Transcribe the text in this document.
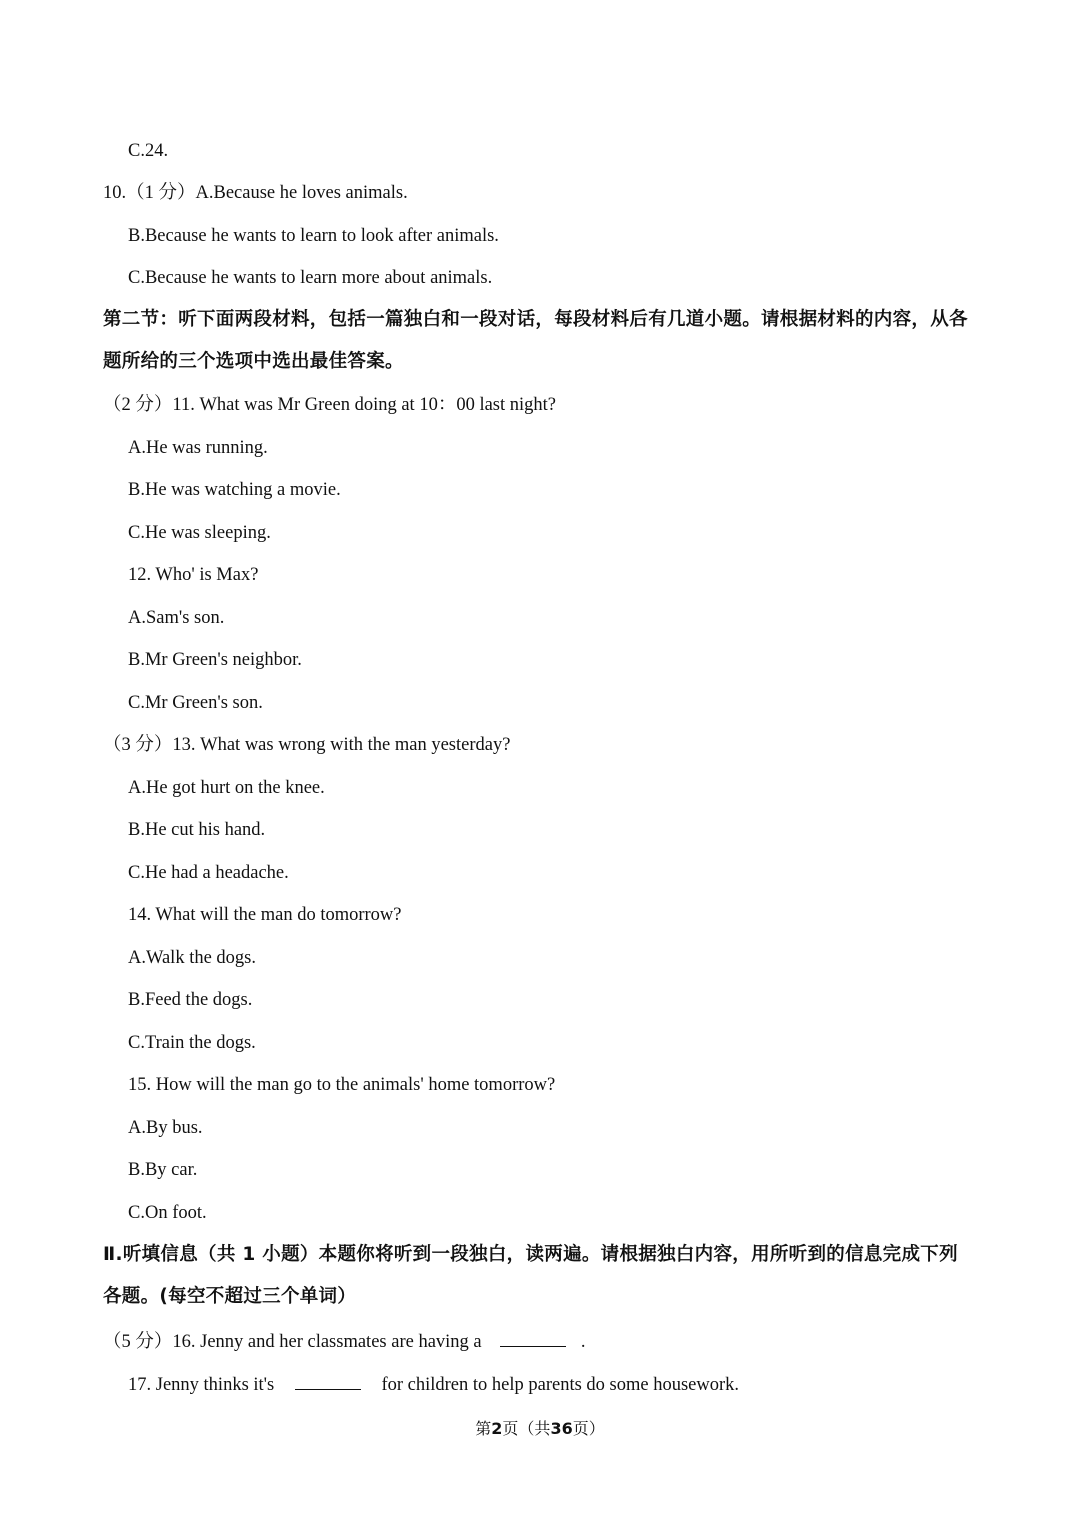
C.24.
10.（1 分）A.Because he loves animals.
B.Because he wants to learn to look after animals.
C.Because he wants to learn more about animals.
第二节：听下面两段材料，包括一篇独白和一段对话，每段材料后有几道小题。请根据材料的内容，从各
题所给的三个选项中选出最佳答案。
（2 分）11. What was Mr Green doing at 10：00 last night?
A.He was running.
B.He was watching a movie.
C.He was sleeping.
12. Who' is Max?
A.Sam's son.
B.Mr Green's neighbor.
C.Mr Green's son.
（3 分）13. What was wrong with the man yesterday?
A.He got hurt on the knee.
B.He cut his hand.
C.He had a headache.
14. What will the man do tomorrow?
A.Walk the dogs.
B.Feed the dogs.
C.Train the dogs.
15. How will the man go to the animals' home tomorrow?
A.By bus.
B.By car.
C.On foot.
Ⅱ.听填信息（共 1 小题）本题你将听到一段独白，读两遍。请根据独白内容，用所听到的信息完成下列
各题。(每空不超过三个单词）
（5 分）16. Jenny and her classmates are having a	.
17. Jenny thinks it's	for children to help parents do some housework.
第2页（共36页）
